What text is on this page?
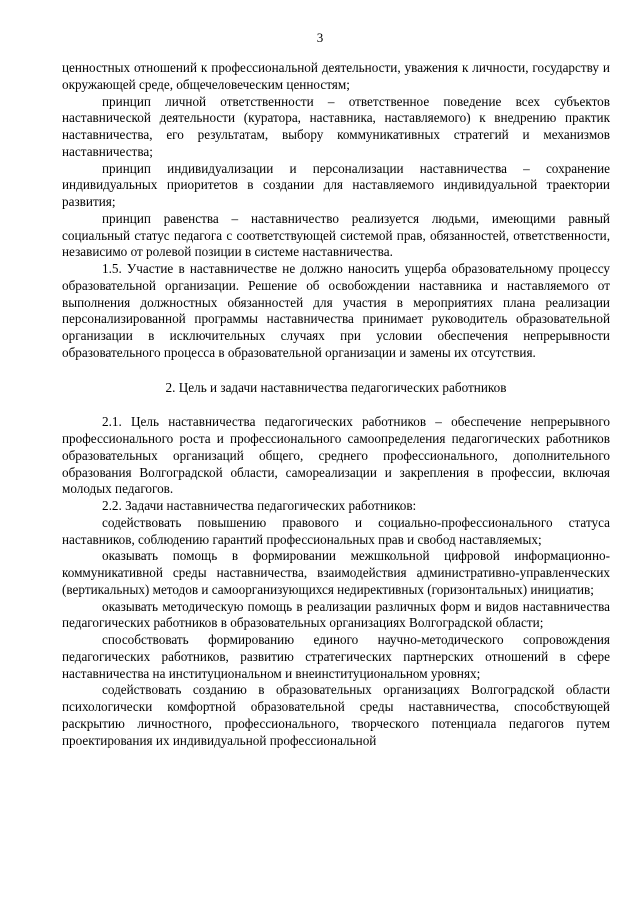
3

ценностных отношений к профессиональной деятельности, уважения к личности, государству и окружающей среде, общечеловеческим ценностям;

принцип личной ответственности – ответственное поведение всех субъектов наставнической деятельности (куратора, наставника, наставляемого) к внедрению практик наставничества, его результатам, выбору коммуникативных стратегий и механизмов наставничества;

принцип индивидуализации и персонализации наставничества – сохранение индивидуальных приоритетов в создании для наставляемого индивидуальной траектории развития;

принцип равенства – наставничество реализуется людьми, имеющими равный социальный статус педагога с соответствующей системой прав, обязанностей, ответственности, независимо от ролевой позиции в системе наставничества.

1.5. Участие в наставничестве не должно наносить ущерба образовательному процессу образовательной организации. Решение об освобождении наставника и наставляемого от выполнения должностных обязанностей для участия в мероприятиях плана реализации персонализированной программы наставничества принимает руководитель образовательной организации в исключительных случаях при условии обеспечения непрерывности образовательного процесса в образовательной организации и замены их отсутствия.

2. Цель и задачи наставничества педагогических работников

2.1. Цель наставничества педагогических работников – обеспечение непрерывного профессионального роста и профессионального самоопределения педагогических работников образовательных организаций общего, среднего профессионального, дополнительного образования Волгоградской области, самореализации и закрепления в профессии, включая молодых педагогов.

2.2. Задачи наставничества педагогических работников:

содействовать повышению правового и социально-профессионального статуса наставников, соблюдению гарантий профессиональных прав и свобод наставляемых;

оказывать помощь в формировании межшкольной цифровой информационно-коммуникативной среды наставничества, взаимодействия административно-управленческих (вертикальных) методов и самоорганизующихся недирективных (горизонтальных) инициатив;

оказывать методическую помощь в реализации различных форм и видов наставничества педагогических работников в образовательных организациях Волгоградской области;

способствовать формированию единого научно-методического сопровождения педагогических работников, развитию стратегических партнерских отношений в сфере наставничества на институциональном и внеинституциональном уровнях;

содействовать созданию в образовательных организациях Волгоградской области психологически комфортной образовательной среды наставничества, способствующей раскрытию личностного, профессионального, творческого потенциала педагогов путем проектирования их индивидуальной профессиональной
